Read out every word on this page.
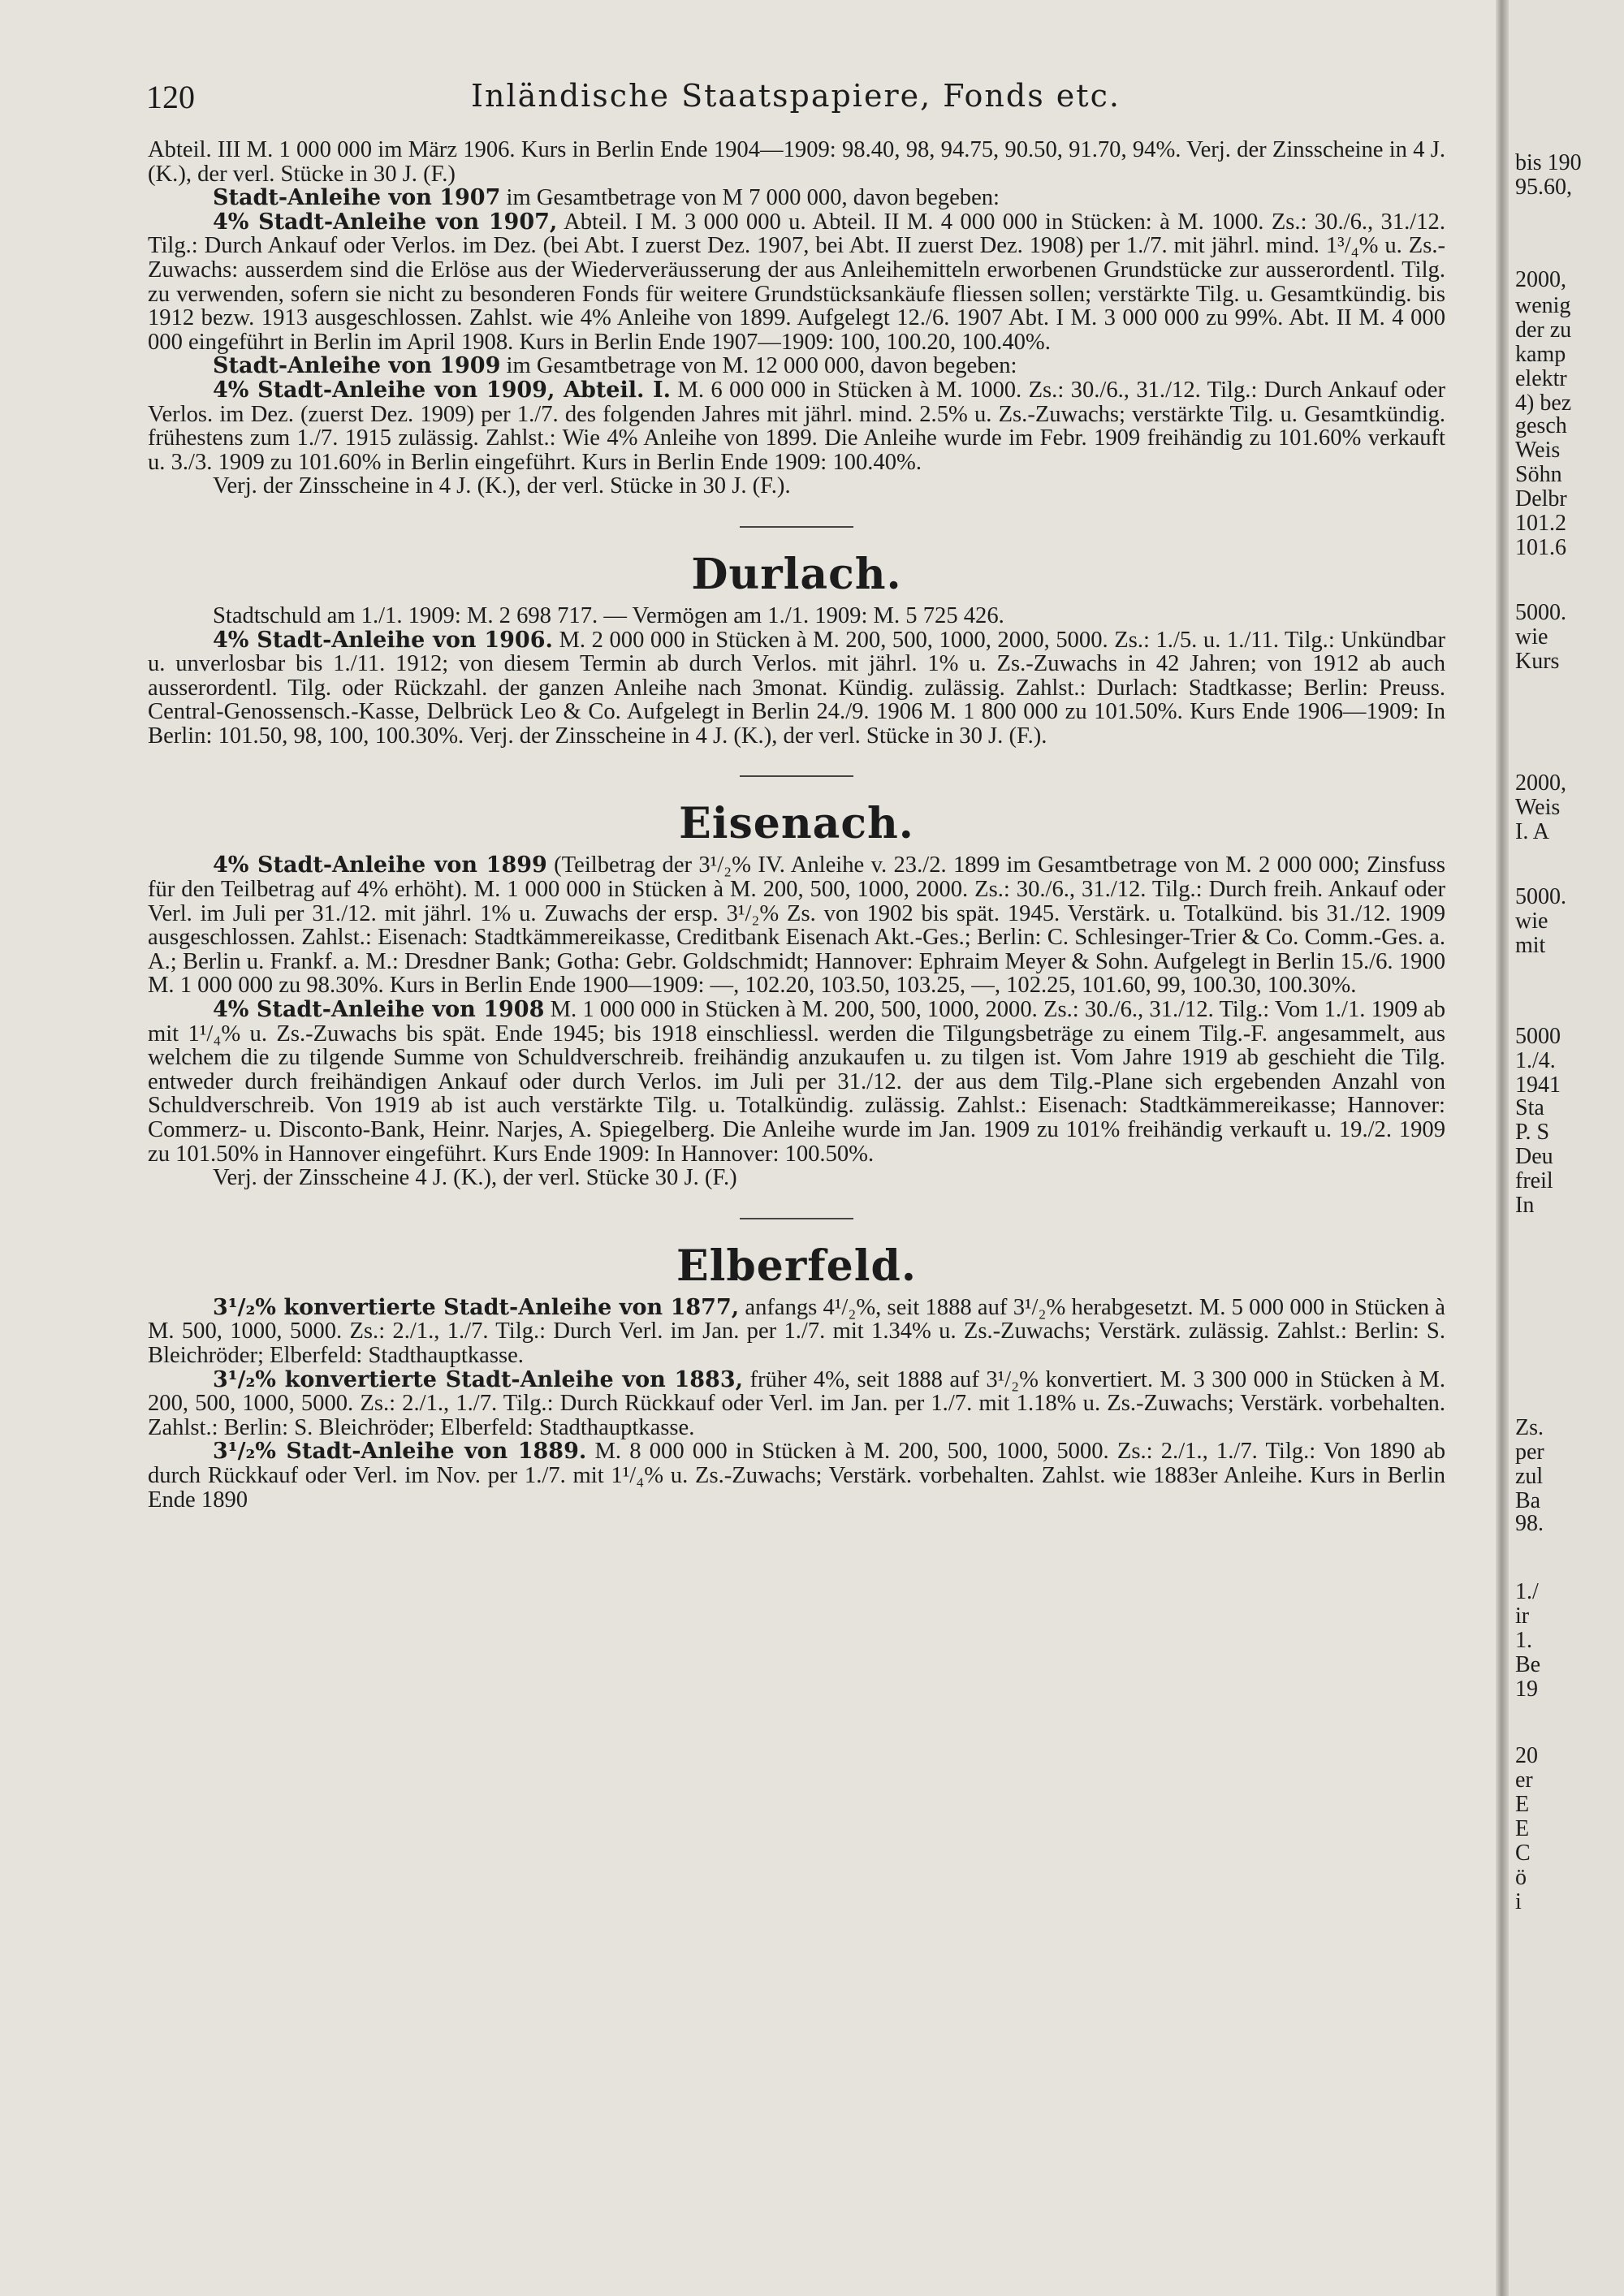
120	Inländische Staatspapiere, Fonds etc.

Abteil. III M. 1 000 000 im März 1906. Kurs in Berlin Ende 1904—1909: 98.40, 98, 94.75, 90.50, 91.70, 94%. Verj. der Zinsscheine in 4 J. (K.), der verl. Stücke in 30 J. (F.)

Stadt-Anleihe von 1907 im Gesamtbetrage von M 7 000 000, davon begeben:

4% Stadt-Anleihe von 1907, Abteil. I M. 3 000 000 u. Abteil. II M. 4 000 000 in Stücken: à M. 1000. Zs.: 30./6., 31./12. Tilg.: Durch Ankauf oder Verlos. im Dez. (bei Abt. I zuerst Dez. 1907, bei Abt. II zuerst Dez. 1908) per 1./7. mit jährl. mind. 1³/₄% u. Zs.-Zuwachs: ausserdem sind die Erlöse aus der Wiederveräusserung der aus Anleihemitteln erworbenen Grundstücke zur ausserordentl. Tilg. zu verwenden, sofern sie nicht zu besonderen Fonds für weitere Grundstücksankäufe fliessen sollen; verstärkte Tilg. u. Gesamtkündig. bis 1912 bezw. 1913 ausgeschlossen. Zahlst. wie 4% Anleihe von 1899. Aufgelegt 12./6. 1907 Abt. I M. 3 000 000 zu 99%. Abt. II M. 4 000 000 eingeführt in Berlin im April 1908. Kurs in Berlin Ende 1907—1909: 100, 100.20, 100.40%.

Stadt-Anleihe von 1909 im Gesamtbetrage von M. 12 000 000, davon begeben:

4% Stadt-Anleihe von 1909, Abteil. I. M. 6 000 000 in Stücken à M. 1000. Zs.: 30./6., 31./12. Tilg.: Durch Ankauf oder Verlos. im Dez. (zuerst Dez. 1909) per 1./7. des folgenden Jahres mit jährl. mind. 2.5% u. Zs.-Zuwachs; verstärkte Tilg. u. Gesamtkündig. frühestens zum 1./7. 1915 zulässig. Zahlst.: Wie 4% Anleihe von 1899. Die Anleihe wurde im Febr. 1909 freihändig zu 101.60% verkauft u. 3./3. 1909 zu 101.60% in Berlin eingeführt. Kurs in Berlin Ende 1909: 100.40%.

Verj. der Zinsscheine in 4 J. (K.), der verl. Stücke in 30 J. (F.).

Durlach.

Stadtschuld am 1./1. 1909: M. 2 698 717. — Vermögen am 1./1. 1909: M. 5 725 426.

4% Stadt-Anleihe von 1906. M. 2 000 000 in Stücken à M. 200, 500, 1000, 2000, 5000. Zs.: 1./5. u. 1./11. Tilg.: Unkündbar u. unverlosbar bis 1./11. 1912; von diesem Termin ab durch Verlos. mit jährl. 1% u. Zs.-Zuwachs in 42 Jahren; von 1912 ab auch ausserordentl. Tilg. oder Rückzahl. der ganzen Anleihe nach 3monat. Kündig. zulässig. Zahlst.: Durlach: Stadtkasse; Berlin: Preuss. Central-Genossensch.-Kasse, Delbrück Leo & Co. Aufgelegt in Berlin 24./9. 1906 M. 1 800 000 zu 101.50%. Kurs Ende 1906—1909: In Berlin: 101.50, 98, 100, 100.30%. Verj. der Zinsscheine in 4 J. (K.), der verl. Stücke in 30 J. (F.).

Eisenach.

4% Stadt-Anleihe von 1899 (Teilbetrag der 3¹/₂% IV. Anleihe v. 23./2. 1899 im Gesamtbetrage von M. 2 000 000; Zinsfuss für den Teilbetrag auf 4% erhöht). M. 1 000 000 in Stücken à M. 200, 500, 1000, 2000. Zs.: 30./6., 31./12. Tilg.: Durch freih. Ankauf oder Verl. im Juli per 31./12. mit jährl. 1% u. Zuwachs der ersp. 3¹/₂% Zs. von 1902 bis spät. 1945. Verstärk. u. Totalkünd. bis 31./12. 1909 ausgeschlossen. Zahlst.: Eisenach: Stadtkämmereikasse, Creditbank Eisenach Akt.-Ges.; Berlin: C. Schlesinger-Trier & Co. Comm.-Ges. a. A.; Berlin u. Frankf. a. M.: Dresdner Bank; Gotha: Gebr. Goldschmidt; Hannover: Ephraim Meyer & Sohn. Aufgelegt in Berlin 15./6. 1900 M. 1 000 000 zu 98.30%. Kurs in Berlin Ende 1900—1909: —, 102.20, 103.50, 103.25, —, 102.25, 101.60, 99, 100.30, 100.30%.

4% Stadt-Anleihe von 1908 M. 1 000 000 in Stücken à M. 200, 500, 1000, 2000. Zs.: 30./6., 31./12. Tilg.: Vom 1./1. 1909 ab mit 1¹/₄% u. Zs.-Zuwachs bis spät. Ende 1945; bis 1918 einschliessl. werden die Tilgungsbeträge zu einem Tilg.-F. angesammelt, aus welchem die zu tilgende Summe von Schuldverschreib. freihändig anzukaufen u. zu tilgen ist. Vom Jahre 1919 ab geschieht die Tilg. entweder durch freihändigen Ankauf oder durch Verlos. im Juli per 31./12. der aus dem Tilg.-Plane sich ergebenden Anzahl von Schuldverschreib. Von 1919 ab ist auch verstärkte Tilg. u. Totalkündig. zulässig. Zahlst.: Eisenach: Stadtkämmereikasse; Hannover: Commerz- u. Disconto-Bank, Heinr. Narjes, A. Spiegelberg. Die Anleihe wurde im Jan. 1909 zu 101% freihändig verkauft u. 19./2. 1909 zu 101.50% in Hannover eingeführt. Kurs Ende 1909: In Hannover: 100.50%.

Verj. der Zinsscheine 4 J. (K.), der verl. Stücke 30 J. (F.)

Elberfeld.

3¹/₂% konvertierte Stadt-Anleihe von 1877, anfangs 4¹/₂%, seit 1888 auf 3¹/₂% herabgesetzt. M. 5 000 000 in Stücken à M. 500, 1000, 5000. Zs.: 2./1., 1./7. Tilg.: Durch Verl. im Jan. per 1./7. mit 1.34% u. Zs.-Zuwachs; Verstärk. zulässig. Zahlst.: Berlin: S. Bleichröder; Elberfeld: Stadthauptkasse.

3¹/₂% konvertierte Stadt-Anleihe von 1883, früher 4%, seit 1888 auf 3¹/₂% konvertiert. M. 3 300 000 in Stücken à M. 200, 500, 1000, 5000. Zs.: 2./1., 1./7. Tilg.: Durch Rückkauf oder Verl. im Jan. per 1./7. mit 1.18% u. Zs.-Zuwachs; Verstärk. vorbehalten. Zahlst.: Berlin: S. Bleichröder; Elberfeld: Stadthauptkasse.

3¹/₂% Stadt-Anleihe von 1889. M. 8 000 000 in Stücken à M. 200, 500, 1000, 5000. Zs.: 2./1., 1./7. Tilg.: Von 1890 ab durch Rückkauf oder Verl. im Nov. per 1./7. mit 1¹/₄% u. Zs.-Zuwachs; Verstärk. vorbehalten. Zahlst. wie 1883er Anleihe. Kurs in Berlin Ende 1890

bis 190
95.60,
2000,
wenig
der zu
kamp
elektr
4) bez
gesch
Weis
Söhn
Delbr
101.2
101.6
5000.
wie
Kurs
2000,
Weis
I. A
5000.
wie
mit
5000
1./4.
1941
Sta
P. S
Deu
freil
In
Zs.
per
zul
Ba
98.
1./
ir
1.
Be
19
20
er
E
E
C
ö
i
